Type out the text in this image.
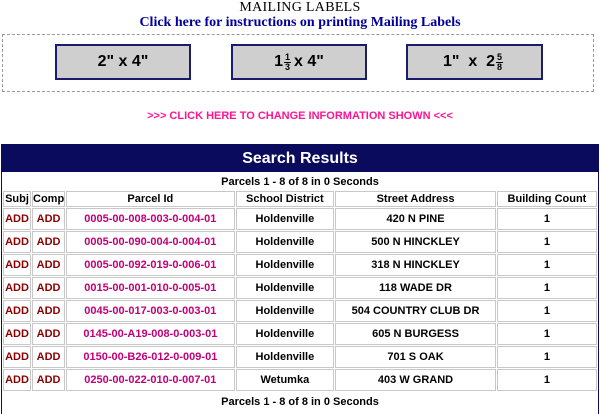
MAILING LABELS
Click here for instructions on printing Mailing Labels
2"
x 4"	$1 \frac{1}{3}$ x 4"	1"  x  $2 \frac{5}{8}$
>>> CLICK HERE TO CHANGE INFORMATION SHOWN <<<
Search Results
Parcels 1 - 8 of 8 in 0 Seconds
Subj	Comp	Parcel Id	School District	Street Address	Building Count
ADD	ADD	0005-00-008-003-0-004-01	Holdenville	420 N PINE	1
ADD	ADD	0005-00-090-004-0-004-01	Holdenville	500 N HINCKLEY	1
ADD	ADD	0005-00-092-019-0-006-01	Holdenville	318 N HINCKLEY	1
ADD	ADD	0015-00-001-010-0-005-01	Holdenville	118 WADE DR	1
ADD	ADD	0045-00-017-003-0-003-01	Holdenville	504 COUNTRY CLUB DR	1
ADD	ADD	0145-00-A19-008-0-003-01	Holdenville	605 N BURGESS	1
ADD	ADD	0150-00-B26-012-0-009-01	Holdenville	701 S OAK	1
ADD	ADD	0250-00-022-010-0-007-01	Wetumka	403 W GRAND	1
Parcels 1 - 8 of 8 in 0 Seconds
